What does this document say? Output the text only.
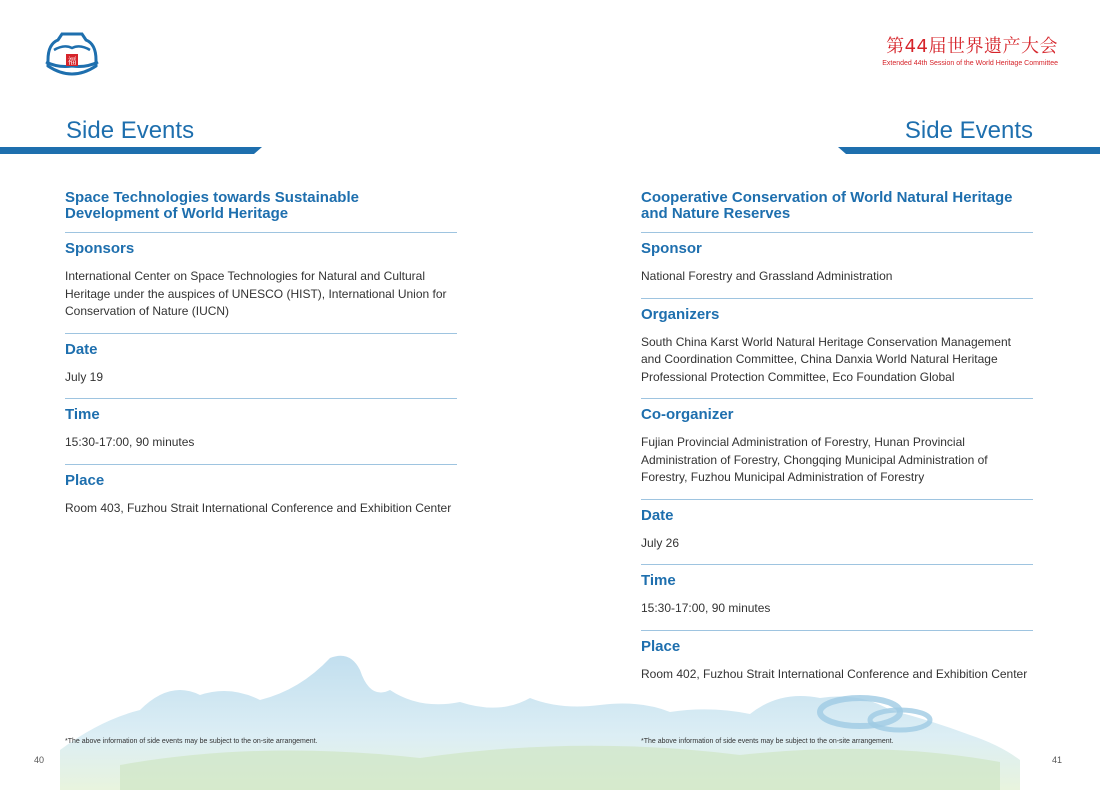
福
第44届世界遗产大会
Extended 44th Session of the World Heritage Committee
Side Events	Side Events
Space Technologies towards Sustainable Development of World Heritage
Sponsors

International Center on Space Technologies for Natural and Cultural Heritage under the auspices of UNESCO (HIST), International Union for Conservation of Nature (IUCN)

Date

July 19

Time

15:30-17:00, 90 minutes

Place

Room 403, Fuzhou Strait International Conference and Exhibition Center

Cooperative Conservation of World Natural Heritage and Nature Reserves
Sponsor

National Forestry and Grassland Administration

Organizers

South China Karst World Natural Heritage Conservation Management and Coordination Committee, China Danxia World Natural Heritage Professional Protection Committee, Eco Foundation Global

Co-organizer

Fujian Provincial Administration of Forestry, Hunan Provincial Administration of Forestry, Chongqing Municipal Administration of Forestry, Fuzhou Municipal Administration of Forestry

Date

July 26

Time

15:30-17:00, 90 minutes

Place

Room 402, Fuzhou Strait International Conference and Exhibition Center

*The above information of side events may be subject to the on-site arrangement.	*The above information of side events may be subject to the on-site arrangement.
40	41
